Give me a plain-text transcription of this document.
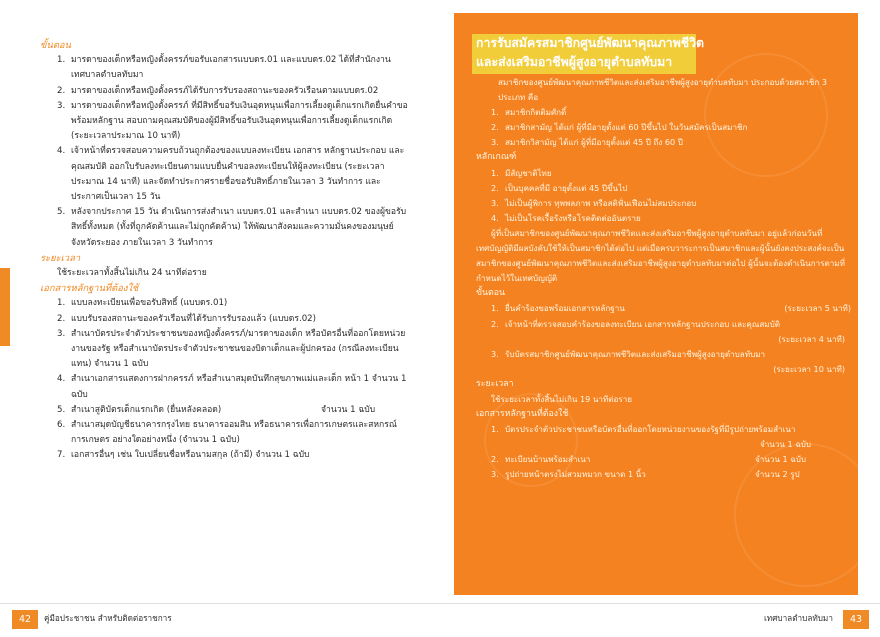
ขั้นตอน

1. มารดาของเด็กหรือหญิงตั้งครรภ์ขอรับเอกสารแบบดร.01 และแบบดร.02 ได้ที่สำนักงานเทศบาลตำบลทับมา
2. มารดาของเด็กหรือหญิงตั้งครรภ์ได้รับการรับรองสถานะของครัวเรือนตามแบบดร.02
3. มารดาของเด็กหรือหญิงตั้งครรภ์ ที่มีสิทธิ์ขอรับเงินอุดหนุนเพื่อการเลี้ยงดูเด็กแรกเกิดยื่นคำขอพร้อมหลักฐาน สอบถามคุณสมบัติของผู้มีสิทธิ์ขอรับเงินอุดหนุนเพื่อการเลี้ยงดูเด็กแรกเกิด (ระยะเวลาประมาณ 10 นาที)
4. เจ้าหน้าที่ตรวจสอบความครบถ้วนถูกต้องของแบบลงทะเบียน เอกสาร หลักฐานประกอบ และคุณสมบัติ ออกใบรับลงทะเบียนตามแบบยื่นคำขอลงทะเบียนให้ผู้ลงทะเบียน (ระยะเวลาประมาณ 14 นาที) และจัดทำประกาศรายชื่อขอรับสิทธิ์ภายในเวลา 3 วันทำการ และประกาศเป็นเวลา 15 วัน
5. หลังจากประกาศ 15 วัน ดำเนินการส่งสำเนา แบบดร.01 และสำเนา แบบดร.02 ของผู้ขอรับสิทธิ์ทั้งหมด (ทั้งที่ถูกคัดค้านและไม่ถูกคัดค้าน) ให้พัฒนาสังคมและความมั่นคงของมนุษย์จังหวัดระยอง ภายในเวลา 3 วันทำการ

ระยะเวลา

ใช้ระยะเวลาทั้งสิ้นไม่เกิน 24 นาทีต่อราย

เอกสารหลักฐานที่ต้องใช้

1. แบบลงทะเบียนเพื่อขอรับสิทธิ์ (แบบดร.01)
2. แบบรับรองสถานะของครัวเรือนที่ได้รับการรับรองแล้ว (แบบดร.02)
3. สำเนาบัตรประจำตัวประชาชนของหญิงตั้งครรภ์/มารดาของเด็ก หรือบัตรอื่นที่ออกโดยหน่วยงานของรัฐ หรือสำเนาบัตรประจำตัวประชาชนของบิดาเด็กและผู้ปกครอง (กรณีลงทะเบียนแทน) จำนวน 1 ฉบับ
4. สำเนาเอกสารแสดงการฝากครรภ์ หรือสำเนาสมุดบันทึกสุขภาพแม่และเด็ก หน้า 1 จำนวน 1 ฉบับ
5. สำเนาสูติบัตรเด็กแรกเกิด (ยื่นหลังคลอด)	จำนวน 1 ฉบับ
6. สำเนาสมุดบัญชีธนาคารกรุงไทย ธนาคารออมสิน หรือธนาคารเพื่อการเกษตรและสหกรณ์การเกษตร อย่างใดอย่างหนึ่ง (จำนวน 1 ฉบับ)
7. เอกสารอื่นๆ เช่น ใบเปลี่ยนชื่อหรือนามสกุล (ถ้ามี) จำนวน 1 ฉบับ
42	คู่มือประชาชน สำหรับติดต่อราชการ

การรับสมัครสมาชิกศูนย์พัฒนาคุณภาพชีวิต
และส่งเสริมอาชีพผู้สูงอายุตำบลทับมา

สมาชิกของศูนย์พัฒนาคุณภาพชีวิตและส่งเสริมอาชีพผู้สูงอายุตำบลทับมา ประกอบด้วยสมาชิก 3 ประเภท คือ

1. สมาชิกกิตติมศักดิ์
2. สมาชิกสามัญ ได้แก่ ผู้ที่มีอายุตั้งแต่ 60 ปีขึ้นไป ในวันสมัครเป็นสมาชิก
3. สมาชิกวิสามัญ ได้แก่ ผู้ที่มีอายุตั้งแต่ 45 ปี ถึง 60 ปี

หลักเกณฑ์

1. มีสัญชาติไทย
2. เป็นบุคคลที่มี อายุตั้งแต่ 45 ปีขึ้นไป
3. ไม่เป็นผู้พิการ ทุพพลภาพ หรือสติฟั่นเฟือนไม่สมประกอบ
4. ไม่เป็นโรคเรื้อรังหรือโรคติดต่ออันตราย

ผู้ที่เป็นสมาชิกของศูนย์พัฒนาคุณภาพชีวิตและส่งเสริมอาชีพผู้สูงอายุตำบลทับมา อยู่แล้วก่อนวันที่เทศบัญญัติมีผลบังคับใช้ให้เป็นสมาชิกได้ต่อไป แต่เมื่อครบวาระการเป็นสมาชิกและผู้นั้นยังคงประสงค์จะเป็นสมาชิกของศูนย์พัฒนาคุณภาพชีวิตและส่งเสริมอาชีพผู้สูงอายุตำบลทับมาต่อไป ผู้นั้นจะต้องดำเนินการตามที่กำหนดไว้ในเทศบัญญัติ

ขั้นตอน

1. ยื่นคำร้องขอพร้อมเอกสารหลักฐาน	(ระยะเวลา 5 นาที)
2. เจ้าหน้าที่ตรวจสอบคำร้องขอลงทะเบียน เอกสารหลักฐานประกอบ และคุณสมบัติ
(ระยะเวลา 4 นาที)
3. รับบัตรสมาชิกศูนย์พัฒนาคุณภาพชีวิตและส่งเสริมอาชีพผู้สูงอายุตำบลทับมา
(ระยะเวลา 10 นาที)

ระยะเวลา

ใช้ระยะเวลาทั้งสิ้นไม่เกิน 19 นาทีต่อราย

เอกสารหลักฐานที่ต้องใช้

1. บัตรประจำตัวประชาชนหรือบัตรอื่นที่ออกโดยหน่วยงานของรัฐที่มีรูปถ่ายพร้อมสำเนา
จำนวน 1 ฉบับ
2. ทะเบียนบ้านพร้อมสำเนา	จำนวน 1 ฉบับ
3. รูปถ่ายหน้าตรงไม่สวมหมวก ขนาด 1 นิ้ว	จำนวน 2 รูป
เทศบาลตำบลทับมา	43
